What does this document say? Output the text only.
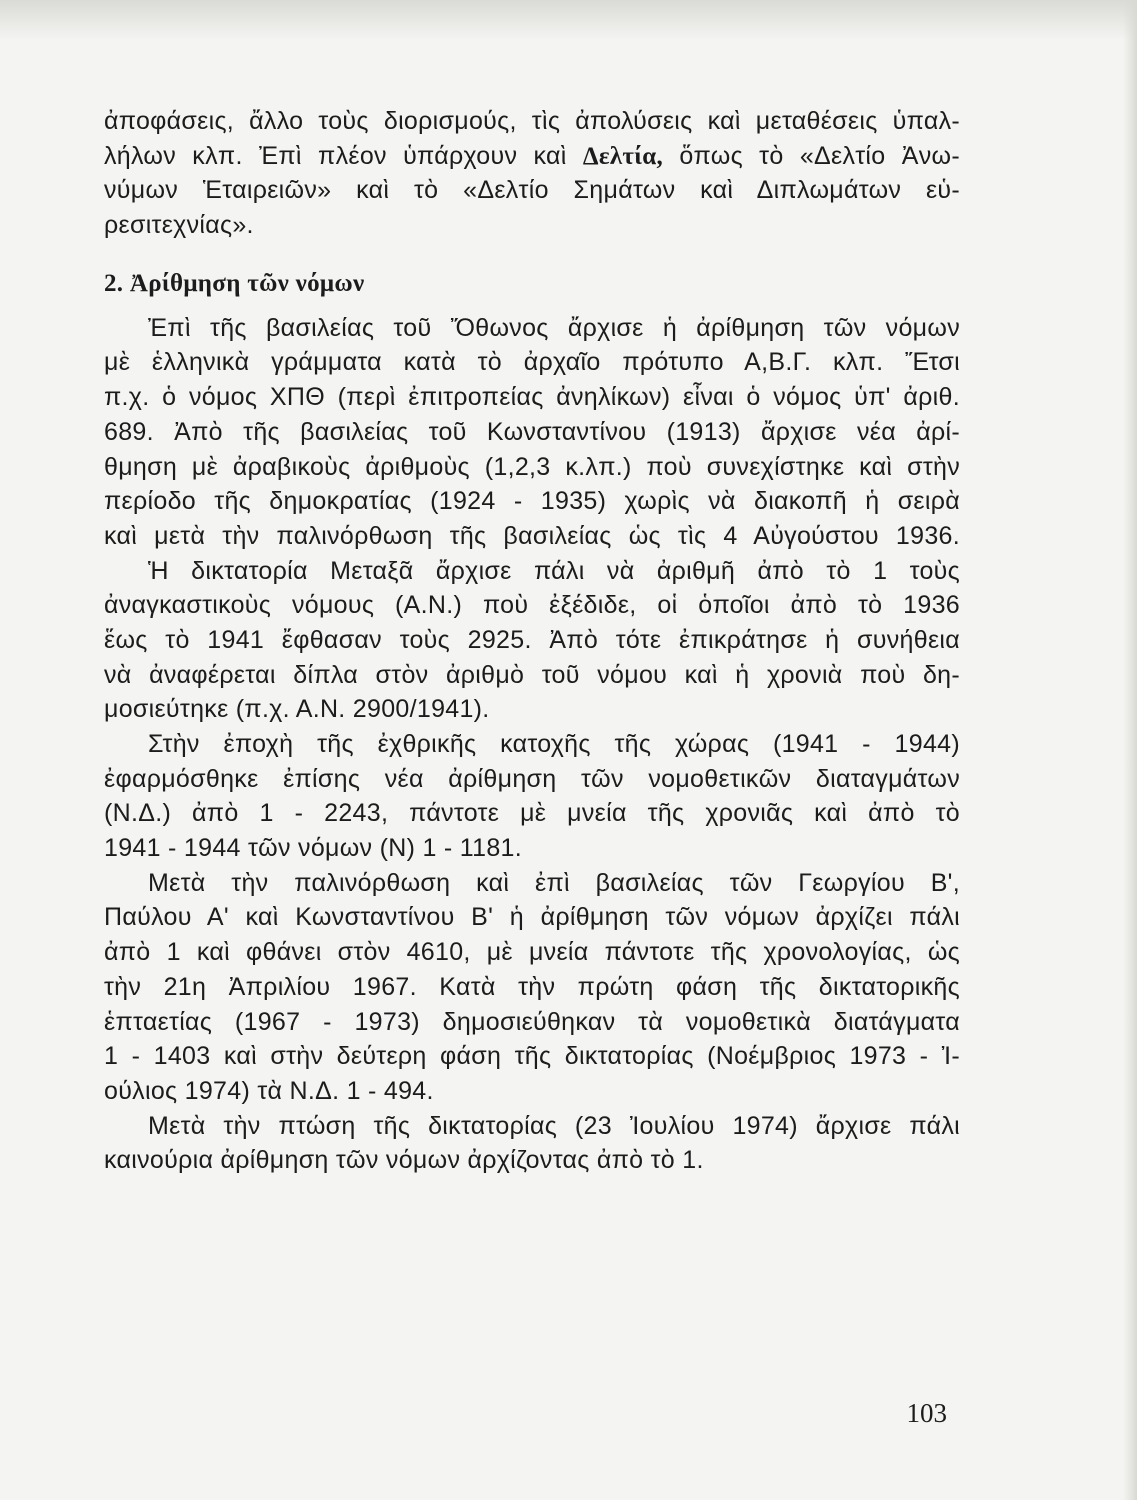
ἀποφάσεις, ἄλλο τοὺς διορισμούς, τὶς ἀπολύσεις καὶ μεταθέσεις ὑπαλ-
λήλων κλπ. Ἐπὶ πλέον ὑπάρχουν καὶ Δελτία, ὅπως τὸ «Δελτίο Ἀνω-
νύμων Ἑταιρειῶν» καὶ τὸ «Δελτίο Σημάτων καὶ Διπλωμάτων εὑ-
ρεσιτεχνίας».
2. Ἀρίθμηση τῶν νόμων
Ἐπὶ τῆς βασιλείας τοῦ Ὄθωνος ἄρχισε ἡ ἀρίθμηση τῶν νόμων
μὲ ἑλληνικὰ γράμματα κατὰ τὸ ἀρχαῖο πρότυπο Α,Β.Γ. κλπ. Ἔτσι
π.χ. ὁ νόμος ΧΠΘ (περὶ ἐπιτροπείας ἀνηλίκων) εἶναι ὁ νόμος ὑπ' ἀριθ.
689. Ἀπὸ τῆς βασιλείας τοῦ Κωνσταντίνου (1913) ἄρχισε νέα ἀρί-
θμηση μὲ ἀραβικοὺς ἀριθμοὺς (1,2,3 κ.λπ.) ποὺ συνεχίστηκε καὶ στὴν
περίοδο τῆς δημοκρατίας (1924 - 1935) χωρὶς νὰ διακοπῆ ἡ σειρὰ
καὶ μετὰ τὴν παλινόρθωση τῆς βασιλείας ὡς τὶς 4 Αὐγούστου 1936.
Ἡ δικτατορία Μεταξᾶ ἄρχισε πάλι νὰ ἀριθμῆ ἀπὸ τὸ 1 τοὺς
ἀναγκαστικοὺς νόμους (Α.Ν.) ποὺ ἐξέδιδε, οἱ ὁποῖοι ἀπὸ τὸ 1936
ἕως τὸ 1941 ἔφθασαν τοὺς 2925. Ἀπὸ τότε ἐπικράτησε ἡ συνήθεια
νὰ ἀναφέρεται δίπλα στὸν ἀριθμὸ τοῦ νόμου καὶ ἡ χρονιὰ ποὺ δη-
μοσιεύτηκε (π.χ. Α.Ν. 2900/1941).
Στὴν ἐποχὴ τῆς ἐχθρικῆς κατοχῆς τῆς χώρας (1941 - 1944)
ἐφαρμόσθηκε ἐπίσης νέα ἀρίθμηση τῶν νομοθετικῶν διαταγμάτων
(Ν.Δ.) ἀπὸ 1 - 2243, πάντοτε μὲ μνεία τῆς χρονιᾶς καὶ ἀπὸ τὸ
1941 - 1944 τῶν νόμων (Ν) 1 - 1181.
Μετὰ τὴν παλινόρθωση καὶ ἐπὶ βασιλείας τῶν Γεωργίου Β',
Παύλου Α' καὶ Κωνσταντίνου Β' ἡ ἀρίθμηση τῶν νόμων ἀρχίζει πάλι
ἀπὸ 1 καὶ φθάνει στὸν 4610, μὲ μνεία πάντοτε τῆς χρονολογίας, ὡς
τὴν 21η Ἀπριλίου 1967. Κατὰ τὴν πρώτη φάση τῆς δικτατορικῆς
ἑπταετίας (1967 - 1973) δημοσιεύθηκαν τὰ νομοθετικὰ διατάγματα
1 - 1403 καὶ στὴν δεύτερη φάση τῆς δικτατορίας (Νοέμβριος 1973 - Ἰ-
ούλιος 1974) τὰ Ν.Δ. 1 - 494.
Μετὰ τὴν πτώση τῆς δικτατορίας (23 Ἰουλίου 1974) ἄρχισε πάλι
καινούρια ἀρίθμηση τῶν νόμων ἀρχίζοντας ἀπὸ τὸ 1.
103
